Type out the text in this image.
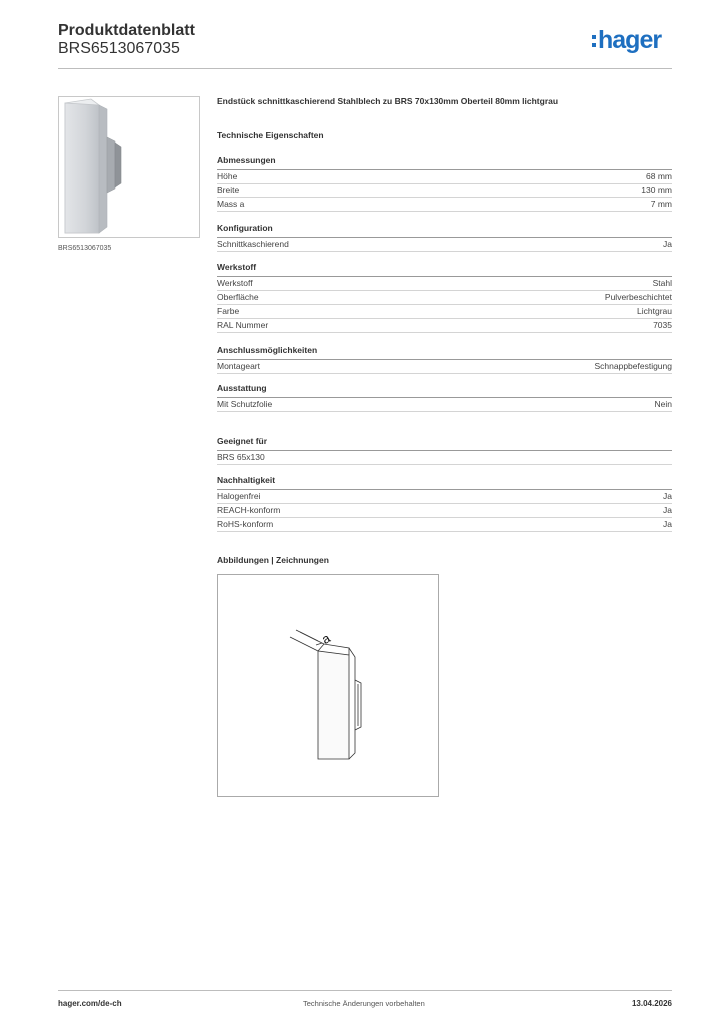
Produktdatenblatt
BRS6513067035	hager
BRS6513067035
Endstück schnittkaschierend Stahlblech zu BRS 70x130mm Oberteil 80mm lichtgrau
Technische Eigenschaften
Abmessungen
Höhe	68 mm
Breite	130 mm
Mass a	7 mm
Konfiguration
Schnittkaschierend	Ja
Werkstoff
Werkstoff	Stahl
Oberfläche	Pulverbeschichtet
Farbe	Lichtgrau
RAL Nummer	7035
Anschlussmöglichkeiten
Montageart	Schnappbefestigung
Ausstattung
Mit Schutzfolie	Nein
Geeignet für
BRS 65x130
Nachhaltigkeit
Halogenfrei	Ja
REACH-konform	Ja
RoHS-konform	Ja
Abbildungen | Zeichnungen
a
hager.com/de-ch	Technische Änderungen vorbehalten	13.04.2026
